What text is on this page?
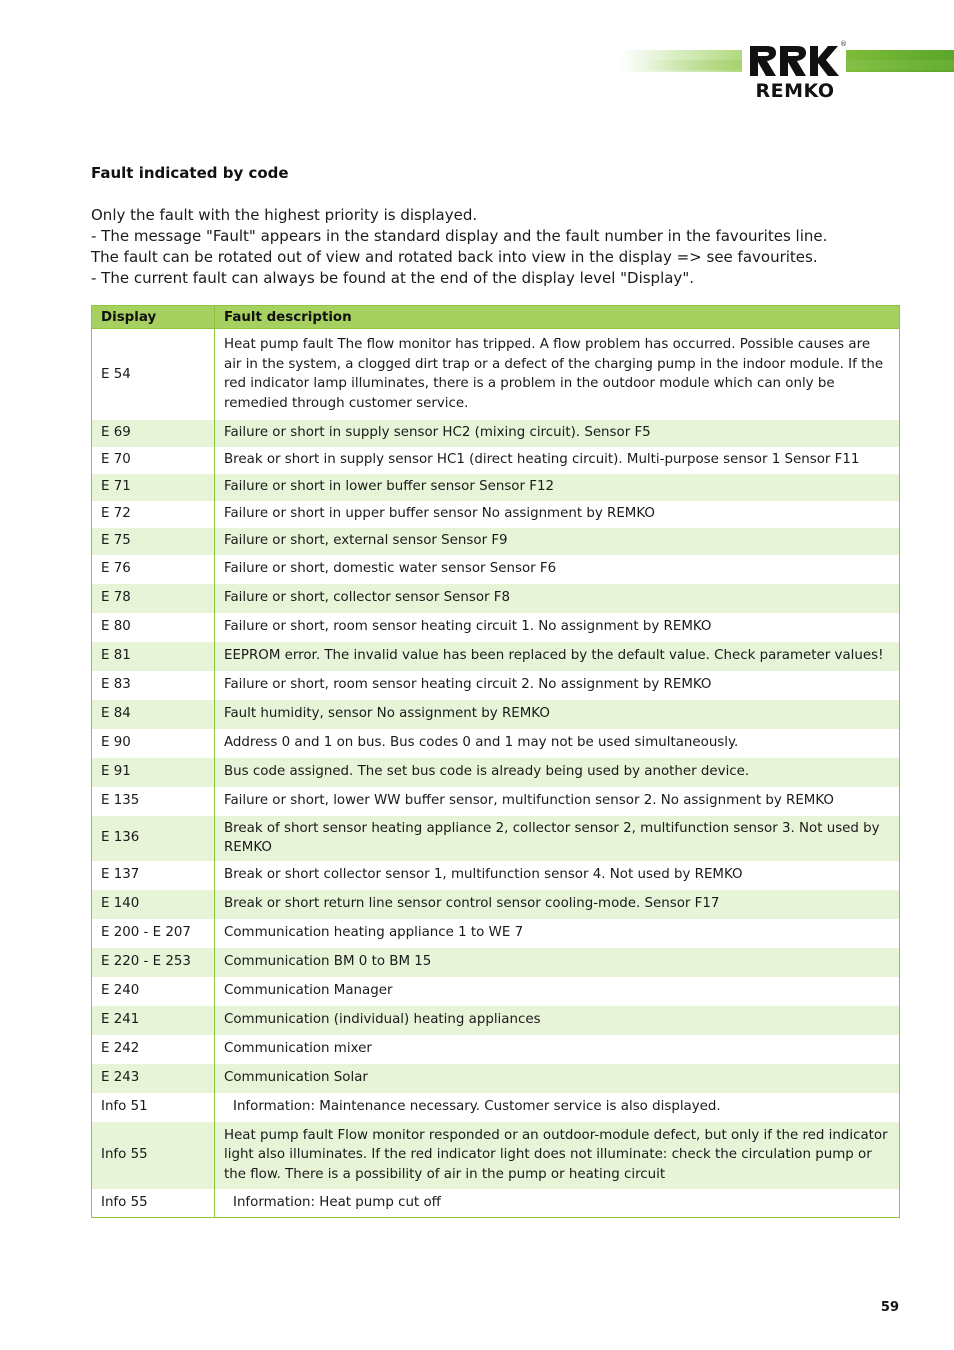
®
REMKO
Fault indicated by code
Only the fault with the highest priority is displayed.
- The message "Fault" appears in the standard display and the fault number in the favourites line.
The fault can be rotated out of view and rotated back into view in the display => see favourites.
- The current fault can always be found at the end of the display level "Display".
Display	Fault description
E 54	Heat pump fault The flow monitor has tripped. A flow problem has occurred. Possible causes are air in the system, a clogged dirt trap or a defect of the charging pump in the indoor module. If the red indicator lamp illuminates, there is a problem in the outdoor module which can only be remedied through customer service.
E 69	Failure or short in supply sensor HC2 (mixing circuit). Sensor F5
E 70	Break or short in supply sensor HC1 (direct heating circuit). Multi-purpose sensor 1 Sensor F11
E 71	Failure or short in lower buffer sensor Sensor F12
E 72	Failure or short in upper buffer sensor No assignment by REMKO
E 75	Failure or short, external sensor Sensor F9
E 76	Failure or short, domestic water sensor Sensor F6
E 78	Failure or short, collector sensor Sensor F8
E 80	Failure or short, room sensor heating circuit 1. No assignment by REMKO
E 81	EEPROM error. The invalid value has been replaced by the default value. Check parameter values!
E 83	Failure or short, room sensor heating circuit 2. No assignment by REMKO
E 84	Fault humidity, sensor No assignment by REMKO
E 90	Address 0 and 1 on bus. Bus codes 0 and 1 may not be used simultaneously.
E 91	Bus code assigned. The set bus code is already being used by another device.
E 135	Failure or short, lower WW buffer sensor, multifunction sensor 2. No assignment by REMKO
E 136	Break of short sensor heating appliance 2, collector sensor 2, multifunction sensor 3. Not used by REMKO
E 137	Break or short collector sensor 1, multifunction sensor 4. Not used by REMKO
E 140	Break or short return line sensor control sensor cooling-mode. Sensor F17
E 200 - E 207	Communication heating appliance 1 to WE 7
E 220 - E 253	Communication BM 0 to BM 15
E 240	Communication Manager
E 241	Communication (individual) heating appliances
E 242	Communication mixer
E 243	Communication Solar
Info 51	Information: Maintenance necessary. Customer service is also displayed.
Info 55	Heat pump fault Flow monitor responded or an outdoor-module defect, but only if the red indicator light also illuminates. If the red indicator light does not illuminate: check the circulation pump or the flow. There is a possibility of air in the pump or heating circuit
Info 55	Information: Heat pump cut off
59
